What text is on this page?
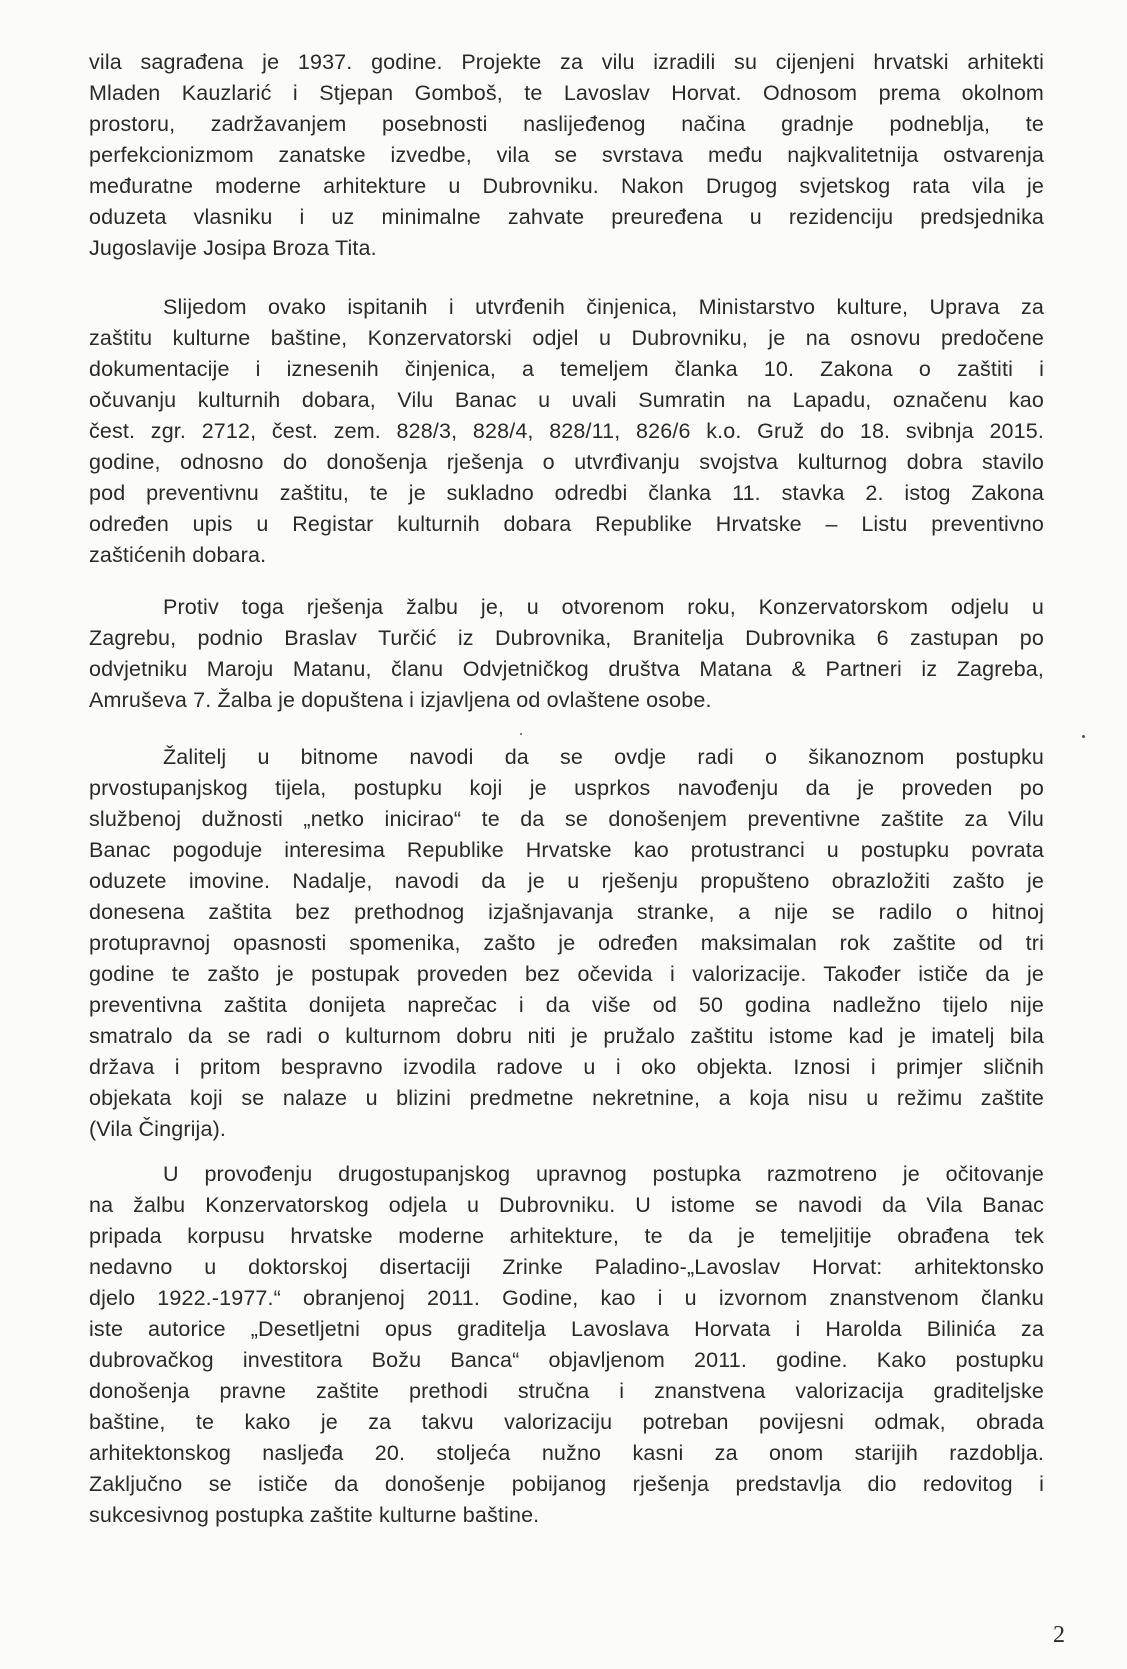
vila sagrađena je 1937. godine. Projekte za vilu izradili su cijenjeni hrvatski arhitekti
Mladen Kauzlarić i Stjepan Gomboš, te Lavoslav Horvat. Odnosom prema okolnom
prostoru, zadržavanjem posebnosti naslijeđenog načina gradnje podneblja, te
perfekcionizmom zanatske izvedbe, vila se svrstava među najkvalitetnija ostvarenja
međuratne moderne arhitekture u Dubrovniku. Nakon Drugog svjetskog rata vila je
oduzeta vlasniku i uz minimalne zahvate preuređena u rezidenciju predsjednika
Jugoslavije Josipa Broza Tita.
Slijedom ovako ispitanih i utvrđenih činjenica, Ministarstvo kulture, Uprava za
zaštitu kulturne baštine, Konzervatorski odjel u Dubrovniku, je na osnovu predočene
dokumentacije i iznesenih činjenica, a temeljem članka 10. Zakona o zaštiti i
očuvanju kulturnih dobara, Vilu Banac u uvali Sumratin na Lapadu, označenu kao
čest. zgr. 2712, čest. zem. 828/3, 828/4, 828/11, 826/6 k.o. Gruž do 18. svibnja 2015.
godine, odnosno do donošenja rješenja o utvrđivanju svojstva kulturnog dobra stavilo
pod preventivnu zaštitu, te je sukladno odredbi članka 11. stavka 2. istog Zakona
određen upis u Registar kulturnih dobara Republike Hrvatske – Listu preventivno
zaštićenih dobara.
Protiv toga rješenja žalbu je, u otvorenom roku, Konzervatorskom odjelu u
Zagrebu, podnio Braslav Turčić iz Dubrovnika, Branitelja Dubrovnika 6 zastupan po
odvjetniku Maroju Matanu, članu Odvjetničkog društva Matana & Partneri iz Zagreba,
Amruševa 7. Žalba je dopuštena i izjavljena od ovlaštene osobe.
Žalitelj u bitnome navodi da se ovdje radi o šikanoznom postupku
prvostupanjskog tijela, postupku koji je usprkos navođenju da je proveden po
službenoj dužnosti „netko inicirao“ te da se donošenjem preventivne zaštite za Vilu
Banac pogoduje interesima Republike Hrvatske kao protustranci u postupku povrata
oduzete imovine. Nadalje, navodi da je u rješenju propušteno obrazložiti zašto je
donesena zaštita bez prethodnog izjašnjavanja stranke, a nije se radilo o hitnoj
protupravnoj opasnosti spomenika, zašto je određen maksimalan rok zaštite od tri
godine te zašto je postupak proveden bez očevida i valorizacije. Također ističe da je
preventivna zaštita donijeta naprečac i da više od 50 godina nadležno tijelo nije
smatralo da se radi o kulturnom dobru niti je pružalo zaštitu istome kad je imatelj bila
država i pritom bespravno izvodila radove u i oko objekta. Iznosi i primjer sličnih
objekata koji se nalaze u blizini predmetne nekretnine, a koja nisu u režimu zaštite
(Vila Čingrija).
U provođenju drugostupanjskog upravnog postupka razmotreno je očitovanje
na žalbu Konzervatorskog odjela u Dubrovniku. U istome se navodi da Vila Banac
pripada korpusu hrvatske moderne arhitekture, te da je temeljitije obrađena tek
nedavno u doktorskoj disertaciji Zrinke Paladino-„Lavoslav Horvat: arhitektonsko
djelo 1922.-1977.“ obranjenoj 2011. Godine, kao i u izvornom znanstvenom članku
iste autorice „Desetljetni opus graditelja Lavoslava Horvata i Harolda Bilinića za
dubrovačkog investitora Božu Banca“ objavljenom 2011. godine. Kako postupku
donošenja pravne zaštite prethodi stručna i znanstvena valorizacija graditeljske
baštine, te kako je za takvu valorizaciju potreban povijesni odmak, obrada
arhitektonskog nasljeđa 20. stoljeća nužno kasni za onom starijih razdoblja.
Zaključno se ističe da donošenje pobijanog rješenja predstavlja dio redovitog i
sukcesivnog postupka zaštite kulturne baštine.
2
